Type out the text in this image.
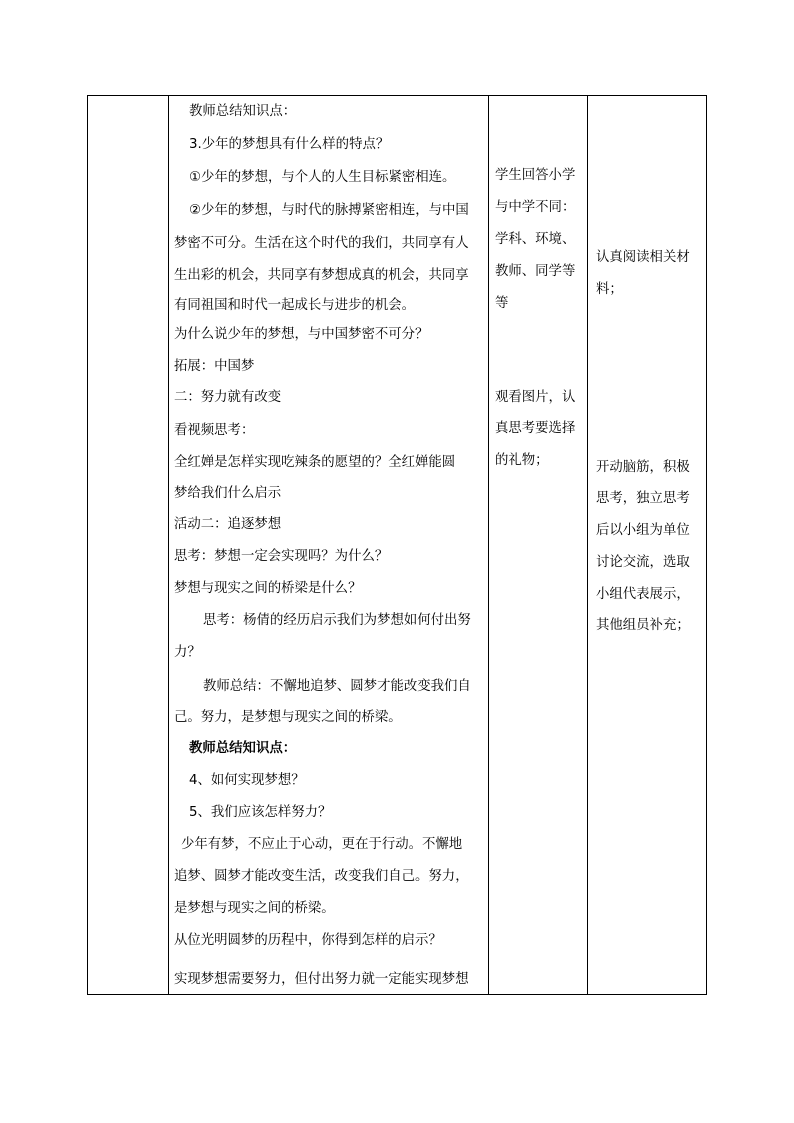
教师总结知识点：
3.少年的梦想具有什么样的特点？
①少年的梦想，与个人的人生目标紧密相连。
②少年的梦想，与时代的脉搏紧密相连，与中国
梦密不可分。生活在这个时代的我们，共同享有人
生出彩的机会，共同享有梦想成真的机会，共同享
有同祖国和时代一起成长与进步的机会。
为什么说少年的梦想，与中国梦密不可分？
拓展：中国梦
二：努力就有改变
看视频思考：
全红婵是怎样实现吃辣条的愿望的？全红婵能圆
梦给我们什么启示
活动二：追逐梦想
思考：梦想一定会实现吗？为什么？
梦想与现实之间的桥梁是什么？
思考：杨倩的经历启示我们为梦想如何付出努
力？
教师总结：不懈地追梦、圆梦才能改变我们自
己。努力，是梦想与现实之间的桥梁。
教师总结知识点：
4、如何实现梦想？
5、我们应该怎样努力？
少年有梦，不应止于心动，更在于行动。不懈地
追梦、圆梦才能改变生活，改变我们自己。努力，
是梦想与现实之间的桥梁。
从位光明圆梦的历程中，你得到怎样的启示？
实现梦想需要努力，但付出努力就一定能实现梦想
学生回答小学
与中学不同：
学科、环境、
教师、同学等
等
观看图片，认
真思考要选择
的礼物；
认真阅读相关材
料；
开动脑筋，积极
思考，独立思考
后以小组为单位
讨论交流，选取
小组代表展示，
其他组员补充；
